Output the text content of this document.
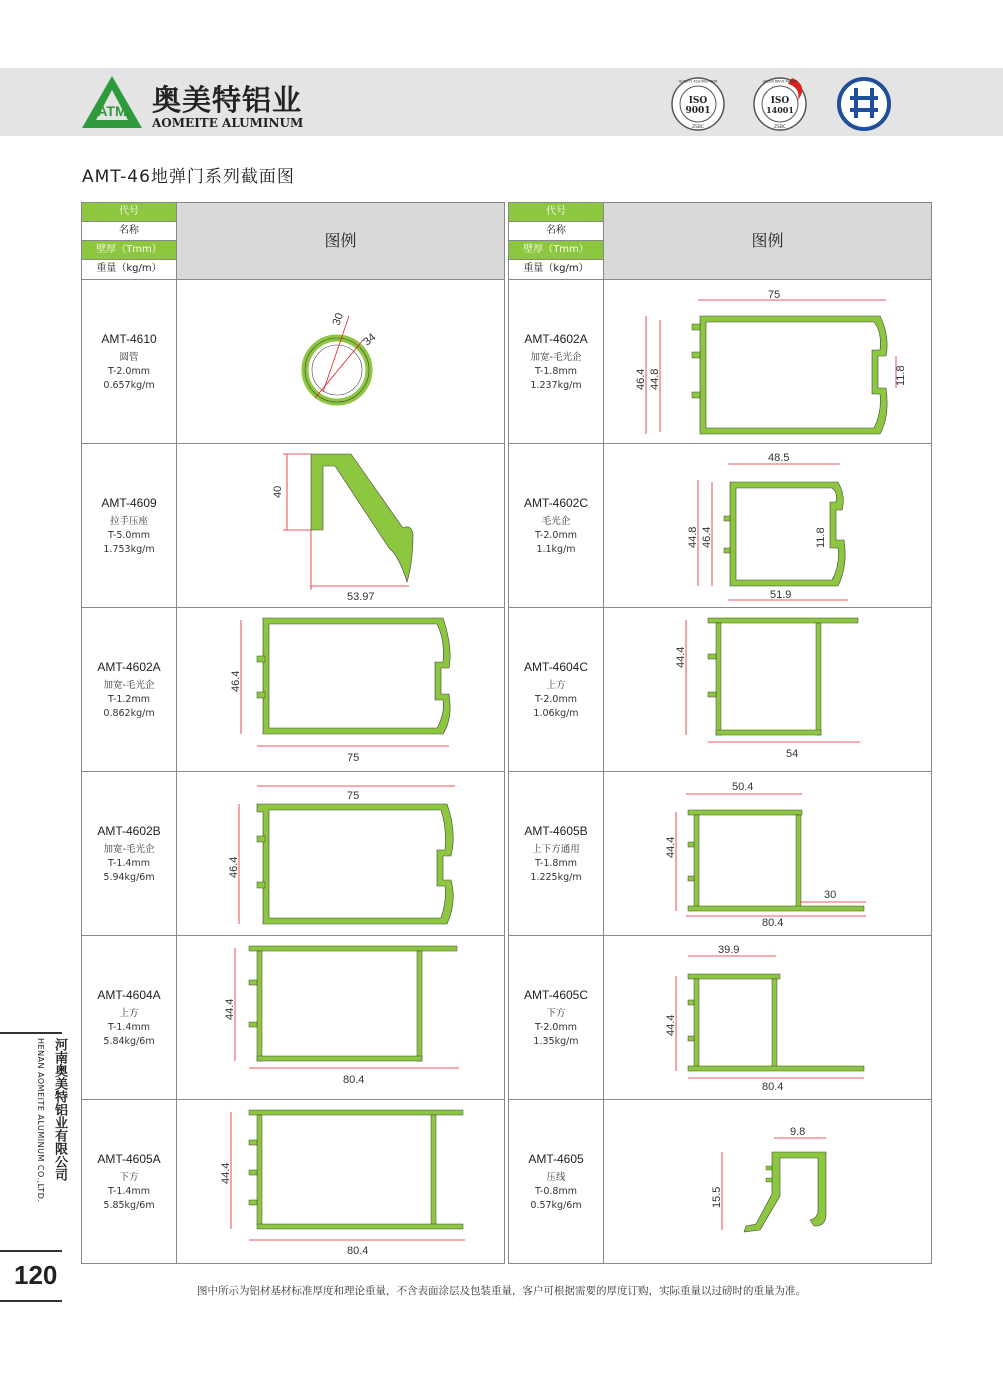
ATM 奥美特铝业
AOMEITE ALUMINUM
QUALITY ASSURED FIRM
ISO
9001
ZSBC
GREEN DRIVE AWARD
ISO
14001
ZSBC
AMT-46地弹门系列截面图
代号
名称
壁厚（Tmm）
重量（kg/m）
图例
AMT-4610
圆管
T-2.0mm
0.657kg/m
30
34
AMT-4609
拉手压座
T-5.0mm
1.753kg/m
40
53.97
AMT-4602A
加宽-毛光企
T-1.2mm
0.862kg/m
46.4
75
AMT-4602B
加宽-毛光企
T-1.4mm
5.94kg/6m
75
46.4
AMT-4604A
上方
T-1.4mm
5.84kg/6m
44.4
80.4
AMT-4605A
下方
T-1.4mm
5.85kg/6m
44.4
80.4
代号
名称
壁厚（Tmm）
重量（kg/m）
图例
AMT-4602A
加宽-毛光企
T-1.8mm
1.237kg/m
75
46.4 44.8	11.8
AMT-4602C
毛光企
T-2.0mm
1.1kg/m
48.5
44.8 46.4	11.8
51.9
AMT-4604C
上方
T-2.0mm
1.06kg/m
44.4
54
AMT-4605B
上下方通用
T-1.8mm
1.225kg/m
50.4
44.4
30
80.4
AMT-4605C
下方
T-2.0mm
1.35kg/m
39.9
44.4
80.4
AMT-4605
压线
T-0.8mm
0.57kg/6m
9.8
15.5
河南奥美特铝业有限公司
HENAN AOMEITE ALUMINUM CO.,LTD.
120
图中所示为铝材基材标准厚度和理论重量，不含表面涂层及包装重量，客户可根据需要的厚度订购，实际重量以过磅时的重量为准。
